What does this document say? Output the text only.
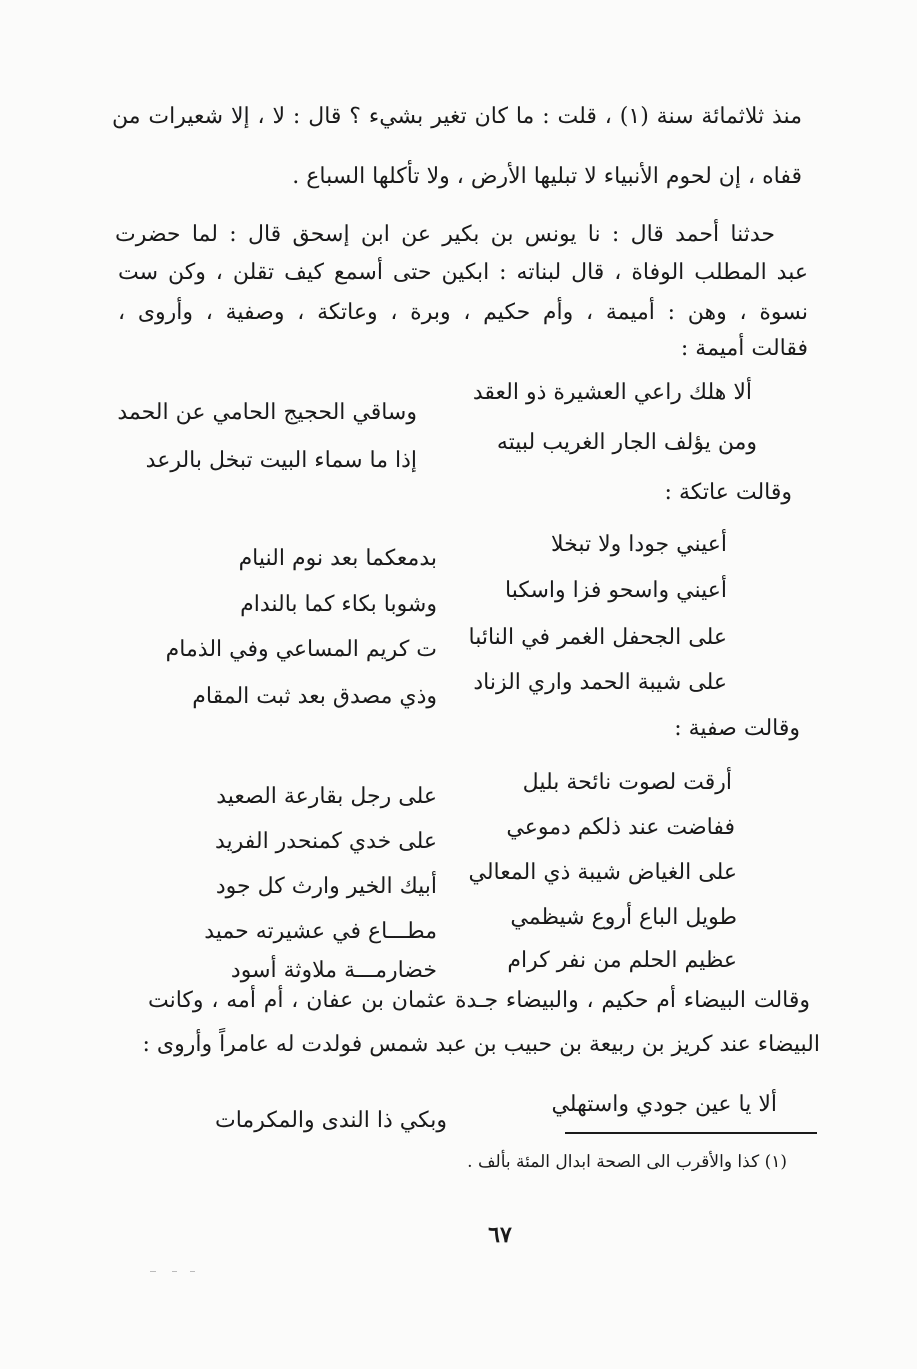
منذ ثلاثمائة سنة (١) ، قلت : ما كان تغير بشيء ؟ قال : لا ، إلا شعيرات من
قفاه ، إن لحوم الأنبياء لا تبليها الأرض ، ولا تأكلها السباع .
حدثنا أحمد قال : نا يونس بن بكير عن ابن إسحق قال : لما حضرت
عبد المطلب الوفاة ، قال لبناته : ابكين حتى أسمع كيف تقلن ، وكن ست
نسوة ، وهن : أميمة ، وأم حكيم ، وبرة ، وعاتكة ، وصفية ، وأروى ،
فقالت أميمة :
ألا هلك راعي العشيرة ذو العقد
وساقي الحجيج الحامي عن الحمد
ومن يؤلف الجار الغريب لبيته
إذا ما سماء البيت تبخل بالرعد
وقالت عاتكة :
أعيني جودا ولا تبخلا
بدمعكما بعد نوم النيام
أعيني واسحو فزا واسكبا
وشوبا بكاء كما بالندام
على الجحفل الغمر في النائبا
ت كريم المساعي وفي الذمام
على شيبة الحمد واري الزناد
وذي مصدق بعد ثبت المقام
وقالت صفية :
أرقت لصوت نائحة بليل
على رجل بقارعة الصعيد
ففاضت عند ذلكم دموعي
على خدي كمنحدر الفريد
على الغياض شيبة ذي المعالي
أبيك الخير وارث كل جود
طويل الباع أروع شيظمي
مطـــاع في عشيرته حميد
عظيم الحلم من نفر كرام
خضارمـــة ملاوثة أسود
وقالت البيضاء أم حكيم ، والبيضاء جـدة عثمان بن عفان ، أم أمه ، وكانت
البيضاء عند كريز بن ربيعة بن حبيب بن عبد شمس فولدت له عامراً وأروى :
ألا يا عين جودي واستهلي
وبكي ذا الندى والمكرمات
(١) كذا والأقرب الى الصحة ابدال المئة بألف .
٦٧
